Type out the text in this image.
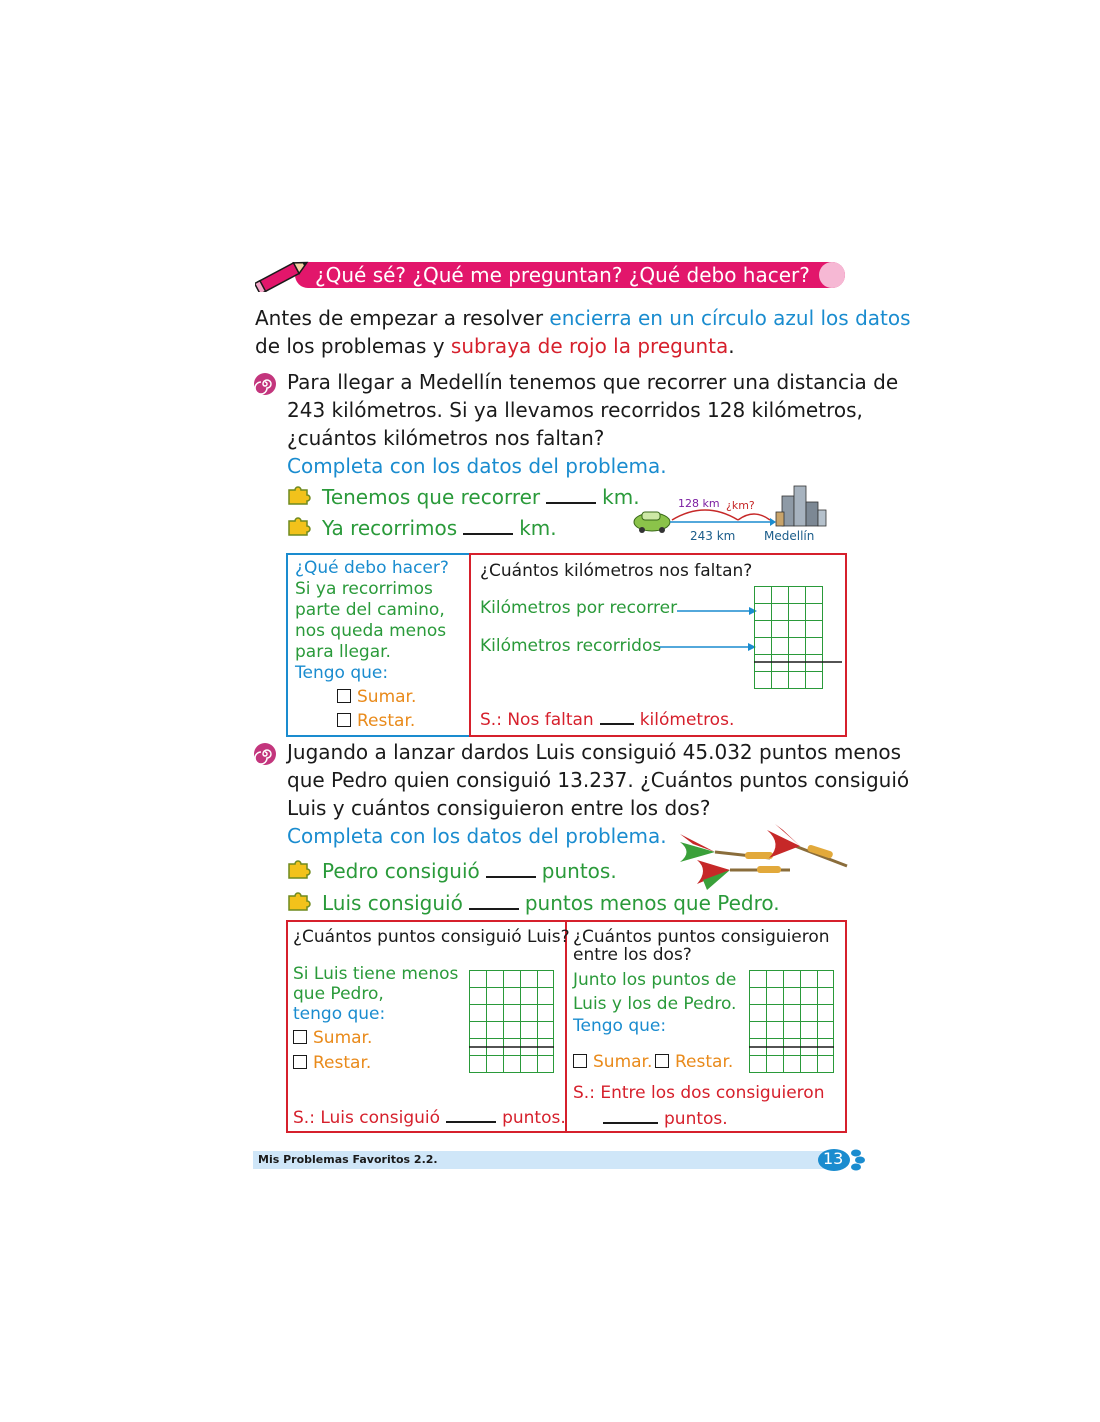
¿Qué sé? ¿Qué me preguntan? ¿Qué debo hacer?
Antes de empezar a resolver encierra en un círculo azul los datos
de los problemas y subraya de rojo la pregunta.
Para llegar a Medellín tenemos que recorrer una distancia de
243 kilómetros. Si ya llevamos recorridos 128 kilómetros,
¿cuántos kilómetros nos faltan?
Completa con los datos del problema.
Tenemos que recorrer	km.
Ya recorrimos	km.
128 km ¿km?
243 km Medellín
¿Qué debo hacer?
Si ya recorrimos
parte del camino,
nos queda menos
para llegar.
Tengo que:
Sumar.
Restar.
¿Cuántos kilómetros nos faltan?
Kilómetros por recorrer
Kilómetros recorridos
S.: Nos faltan	kilómetros.
Jugando a lanzar dardos Luis consiguió 45.032 puntos menos
que Pedro quien consiguió 13.237. ¿Cuántos puntos consiguió
Luis y cuántos consiguieron entre los dos?
Completa con los datos del problema.
Pedro consiguió	puntos.
Luis consiguió	puntos menos que Pedro.
¿Cuántos puntos consiguió Luis?
Si Luis tiene menos
que Pedro,
tengo que:
Sumar.
Restar.
S.: Luis consiguió	puntos.
¿Cuántos puntos consiguieron
entre los dos?
Junto los puntos de
Luis y los de Pedro.
Tengo que:
Sumar.	Restar.
S.: Entre los dos consiguieron
puntos.
Mis Problemas Favoritos 2.2.	13
